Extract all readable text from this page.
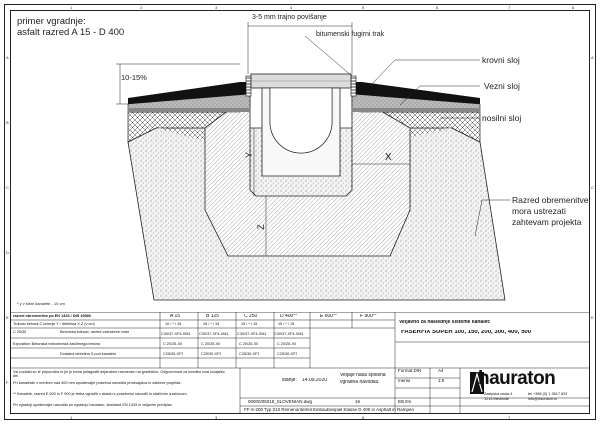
1	2	3	4	5	6	7	8
1	3	5	7
A
B
C
D
E
F
A
C
E
primer vgradnje:
asfalt razred A 15 - D 400
3-5 mm trajno povišanje
bitumenski fugirni trak
krovni sloj
Vezni sloj
nosilni sloj
10-15%
X
Y
Z
Razred obremenitve
mora ustrezati
zahtevam projekta
* y v širini kanalete - 10 cm
razred obremenitve po EN 1433 / DIN 19580	A 15	B 125	C 250	D 400**	E 600**	F 900**
Trdnost betona C ločenje Y / debelina X,Z (v cm)	10 / * / 15	15 / * / 15	15 / * / 15	15 / * / 15
C 25/30	Betonska trdnost, razred vzdražene vrste	C30/37-XF4-XM1 C30/37-XF4-XM1 C30/37-XF4-XM1 C30/37-XF4-XM1
Exposition Betonska trdnost vrsta zaščitnega betona	C 20/25-X0	C 20/25-X0	C 20/25-X0	C 20/25-X0
Dodatna debelina S pod kanaleto	C25/30-XF3	C25/30-XF3	C25/30-XF3	C25/30-XF3
Vsi podatki so le priporočila in jih je treba prilagoditi dejanskim razmeram na gradbišču. Odgovornost za izvedbo nosi izvajalec del.
Pri kanaletah z merilom nad 400 mm upoštevajte posebna navodila proizvajalca in zahteve projekta.
** Kanalete, razred E 600 in F 900 je treba vgraditi v skladu s posebnimi navodili in statičnim izračunom.
Pri vgradnji upoštevajte navodila za vgradnjo hauraton, standard EN 1433 in veljavne predpise.
Veljavno za naslednje sisteme kanalet:
FASERFIX SUPER 100, 150, 200, 300, 400, 500
stanje: 14.09.2020
Veljaje naša splošna
vgradna navodila.
Format DIN	A4
merilo	1:5 hauraton
Zasipska cesta 4
1215 Medvode
tel +386 (0) 1 3617 833
info@hauraton.si
00000/05019_SLOVENIAN.dwg	16	EB lfm
FF-S-200 Typ 010 Rinnenunterteil Einbaubeispiel Klasse D 400 in Asphalt in Rampen
